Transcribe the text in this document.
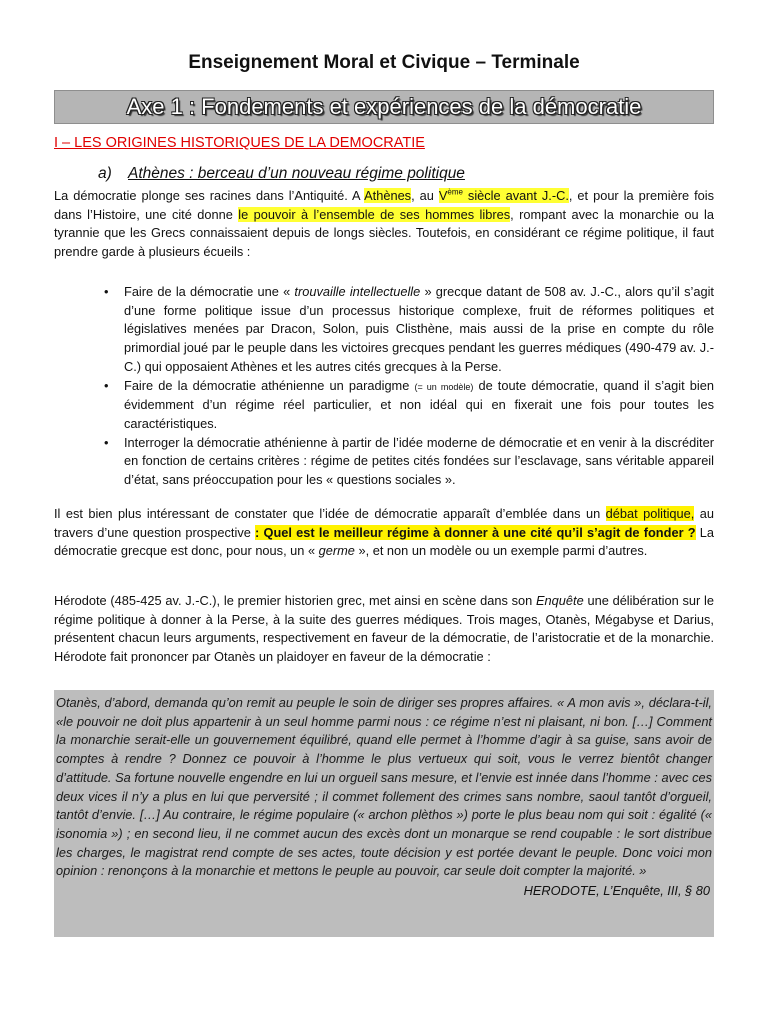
Enseignement Moral et Civique – Terminale
Axe 1 : Fondements et expériences de la démocratie
I – LES ORIGINES HISTORIQUES DE LA DEMOCRATIE
a) Athènes : berceau d’un nouveau régime politique

La démocratie plonge ses racines dans l’Antiquité. A Athènes, au Vème siècle avant J.-C., et pour la première fois dans l’Histoire, une cité donne le pouvoir à l’ensemble de ses hommes libres, rompant avec la monarchie ou la tyrannie que les Grecs connaissaient depuis de longs siècles. Toutefois, en considérant ce régime politique, il faut prendre garde à plusieurs écueils :

• Faire de la démocratie une « trouvaille intellectuelle » grecque datant de 508 av. J.-C., alors qu’il s’agit d’une forme politique issue d’un processus historique complexe, fruit de réformes politiques et législatives menées par Dracon, Solon, puis Clisthène, mais aussi de la prise en compte du rôle primordial joué par le peuple dans les victoires grecques pendant les guerres médiques (490-479 av. J.-C.) qui opposaient Athènes et les autres cités grecques à la Perse.
• Faire de la démocratie athénienne un paradigme (= un modèle) de toute démocratie, quand il s’agit bien évidemment d’un régime réel particulier, et non idéal qui en fixerait une fois pour toutes les caractéristiques.
• Interroger la démocratie athénienne à partir de l’idée moderne de démocratie et en venir à la discréditer en fonction de certains critères : régime de petites cités fondées sur l’esclavage, sans véritable appareil d’état, sans préoccupation pour les « questions sociales ».

Il est bien plus intéressant de constater que l’idée de démocratie apparaît d’emblée dans un débat politique, au travers d’une question prospective : Quel est le meilleur régime à donner à une cité qu’il s’agit de fonder ? La démocratie grecque est donc, pour nous, un « germe », et non un modèle ou un exemple parmi d’autres.

Hérodote (485-425 av. J.-C.), le premier historien grec, met ainsi en scène dans son Enquête une délibération sur le régime politique à donner à la Perse, à la suite des guerres médiques. Trois mages, Otanès, Mégabyse et Darius, présentent chacun leurs arguments, respectivement en faveur de la démocratie, de l’aristocratie et de la monarchie. Hérodote fait prononcer par Otanès un plaidoyer en faveur de la démocratie :

Otanès, d’abord, demanda qu’on remit au peuple le soin de diriger ses propres affaires. « A mon avis », déclara-t-il, «le pouvoir ne doit plus appartenir à un seul homme parmi nous : ce régime n’est ni plaisant, ni bon. […] Comment la monarchie serait-elle un gouvernement équilibré, quand elle permet à l’homme d’agir à sa guise, sans avoir de comptes à rendre ? Donnez ce pouvoir à l’homme le plus vertueux qui soit, vous le verrez bientôt changer d’attitude. Sa fortune nouvelle engendre en lui un orgueil sans mesure, et l’envie est innée dans l’homme : avec ces deux vices il n’y a plus en lui que perversité ; il commet follement des crimes sans nombre, saoul tantôt d’orgueil, tantôt d’envie. […] Au contraire, le régime populaire (« archon plèthos ») porte le plus beau nom qui soit : égalité (« isonomia ») ; en second lieu, il ne commet aucun des excès dont un monarque se rend coupable : le sort distribue les charges, le magistrat rend compte de ses actes, toute décision y est portée devant le peuple. Donc voici mon opinion : renonçons à la monarchie et mettons le peuple au pouvoir, car seule doit compter la majorité. »
HERODOTE, L’Enquête, III, § 80
